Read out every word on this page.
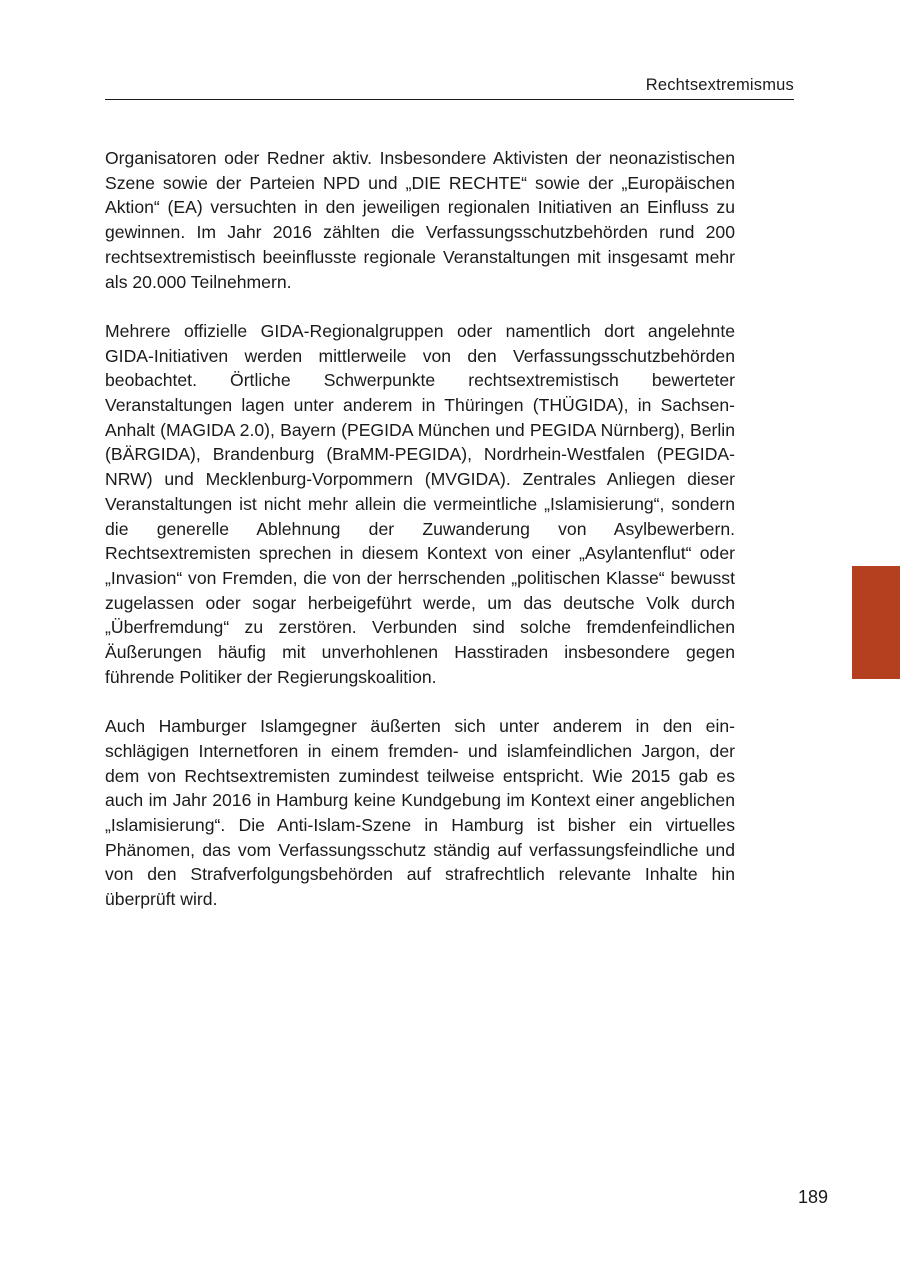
Rechtsextremismus

Organisatoren oder Redner aktiv. Insbesondere Aktivisten der neonazistischen Szene sowie der Parteien NPD und „DIE RECHTE“ sowie der „Europäischen Aktion“ (EA) versuchten in den jeweiligen regionalen Initiativen an Einfluss zu gewinnen. Im Jahr 2016 zählten die Verfassungsschutzbehörden rund 200 rechtsextremistisch beeinflusste regionale Veranstaltungen mit insgesamt mehr als 20.000 Teilnehmern.

Mehrere offizielle GIDA-Regionalgruppen oder namentlich dort angelehnte GIDA-Initiativen werden mittlerweile von den Verfassungsschutzbehörden beobachtet. Örtliche Schwerpunkte rechtsextremistisch bewerteter Veranstaltungen lagen unter anderem in Thüringen (THÜGIDA), in Sachsen-Anhalt (MAGIDA 2.0), Bayern (PEGIDA München und PEGIDA Nürnberg), Berlin (BÄRGIDA), Brandenburg (BraMM-PEGIDA), Nordrhein-Westfalen (PEGIDA-NRW) und Mecklenburg-Vorpommern (MVGIDA). Zentrales Anliegen dieser Veranstaltungen ist nicht mehr allein die vermeintliche „Islamisierung“, sondern die generelle Ablehnung der Zuwanderung von Asylbewerbern. Rechtsextremisten sprechen in diesem Kontext von einer „Asylantenflut“ oder „Invasion“ von Fremden, die von der herrschenden „politischen Klasse“ bewusst zugelassen oder sogar herbeigeführt werde, um das deutsche Volk durch „Überfremdung“ zu zerstören. Verbunden sind solche fremdenfeindlichen Äußerungen häufig mit unverhohlenen Hasstiraden insbesondere gegen führende Politiker der Regierungskoalition.

Auch Hamburger Islamgegner äußerten sich unter anderem in den einschlägigen Internetforen in einem fremden- und islamfeindlichen Jargon, der dem von Rechtsextremisten zumindest teilweise entspricht. Wie 2015 gab es auch im Jahr 2016 in Hamburg keine Kundgebung im Kontext einer angeblichen „Islamisierung“. Die Anti-Islam-Szene in Hamburg ist bisher ein virtuelles Phänomen, das vom Verfassungsschutz ständig auf verfassungsfeindliche und von den Strafverfolgungsbehörden auf strafrechtlich relevante Inhalte hin überprüft wird.

189
